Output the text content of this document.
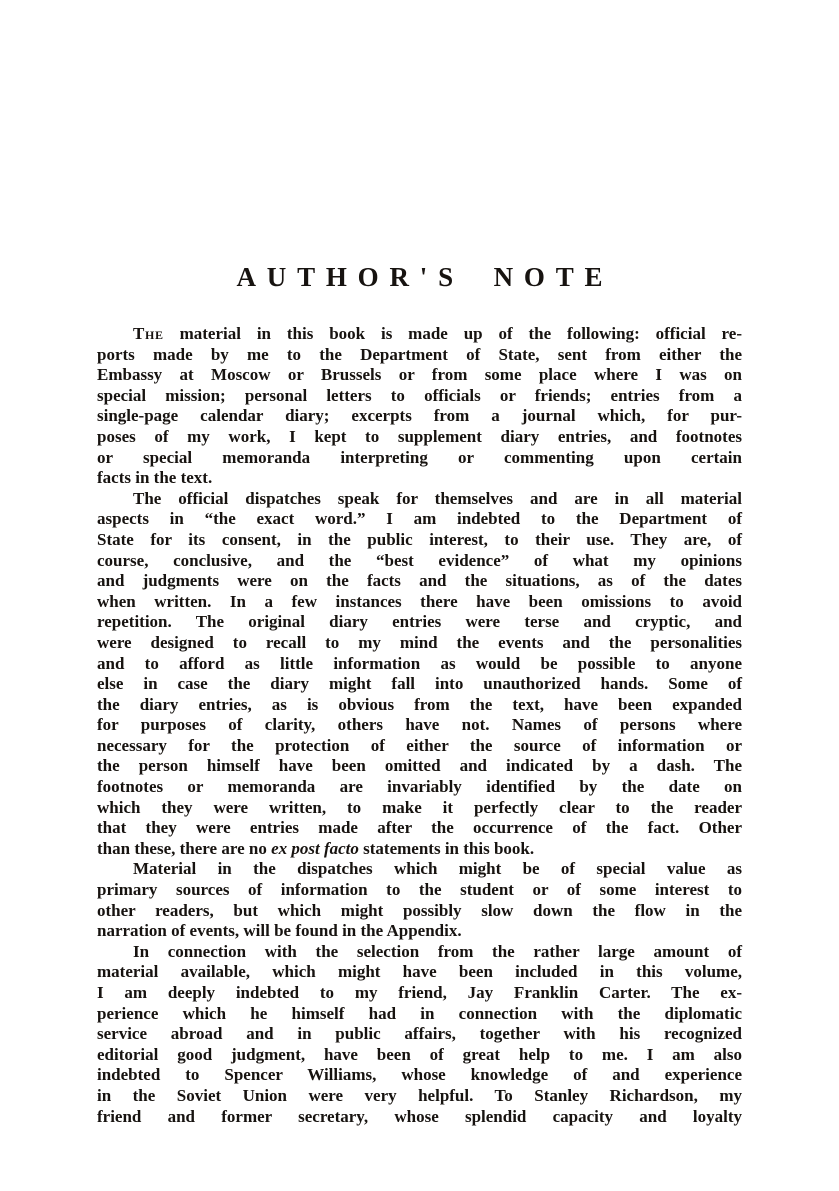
AUTHOR'S NOTE

The material in this book is made up of the following: official re-
ports made by me to the Department of State, sent from either the
Embassy at Moscow or Brussels or from some place where I was on
special mission; personal letters to officials or friends; entries from a
single-page calendar diary; excerpts from a journal which, for pur-
poses of my work, I kept to supplement diary entries, and footnotes
or special memoranda interpreting or commenting upon certain
facts in the text.

The official dispatches speak for themselves and are in all material
aspects in “the exact word.” I am indebted to the Department of
State for its consent, in the public interest, to their use. They are, of
course, conclusive, and the “best evidence” of what my opinions
and judgments were on the facts and the situations, as of the dates
when written. In a few instances there have been omissions to avoid
repetition. The original diary entries were terse and cryptic, and
were designed to recall to my mind the events and the personalities
and to afford as little information as would be possible to anyone
else in case the diary might fall into unauthorized hands. Some of
the diary entries, as is obvious from the text, have been expanded
for purposes of clarity, others have not. Names of persons where
necessary for the protection of either the source of information or
the person himself have been omitted and indicated by a dash. The
footnotes or memoranda are invariably identified by the date on
which they were written, to make it perfectly clear to the reader
that they were entries made after the occurrence of the fact. Other
than these, there are no ex post facto statements in this book.

Material in the dispatches which might be of special value as
primary sources of information to the student or of some interest to
other readers, but which might possibly slow down the flow in the
narration of events, will be found in the Appendix.

In connection with the selection from the rather large amount of
material available, which might have been included in this volume,
I am deeply indebted to my friend, Jay Franklin Carter. The ex-
perience which he himself had in connection with the diplomatic
service abroad and in public affairs, together with his recognized
editorial good judgment, have been of great help to me. I am also
indebted to Spencer Williams, whose knowledge of and experience
in the Soviet Union were very helpful. To Stanley Richardson, my
friend and former secretary, whose splendid capacity and loyalty
